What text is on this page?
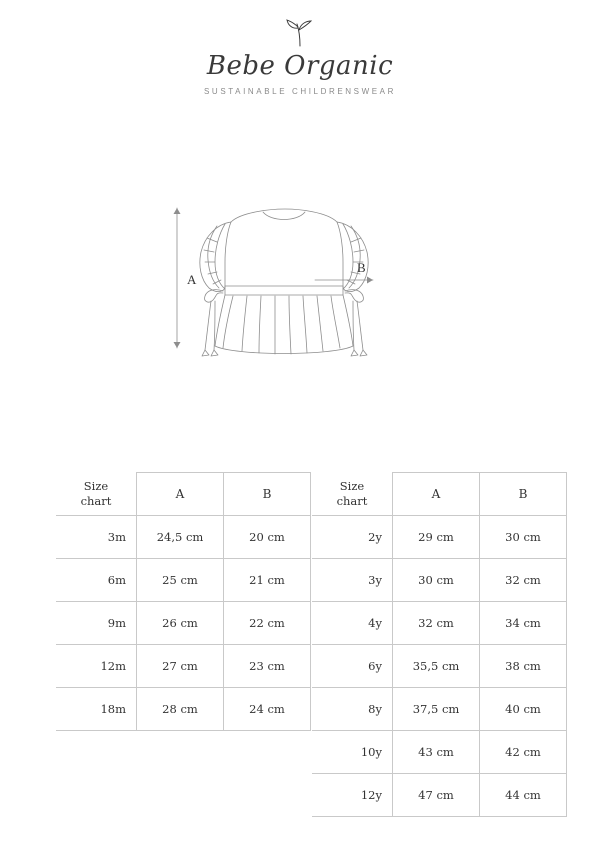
Bebe Organic

SUSTAINABLE CHILDRENSWEAR

A
B
Size
chart	A	B
3m	24,5 cm	20 cm
6m	25 cm	21 cm
9m	26 cm	22 cm
12m	27 cm	23 cm
18m	28 cm	24 cm
Size
chart	A	B
2y	29 cm	30 cm
3y	30 cm	32 cm
4y	32 cm	34 cm
6y	35,5 cm	38 cm
8y	37,5 cm	40 cm
10y	43 cm	42 cm
12y	47 cm	44 cm
